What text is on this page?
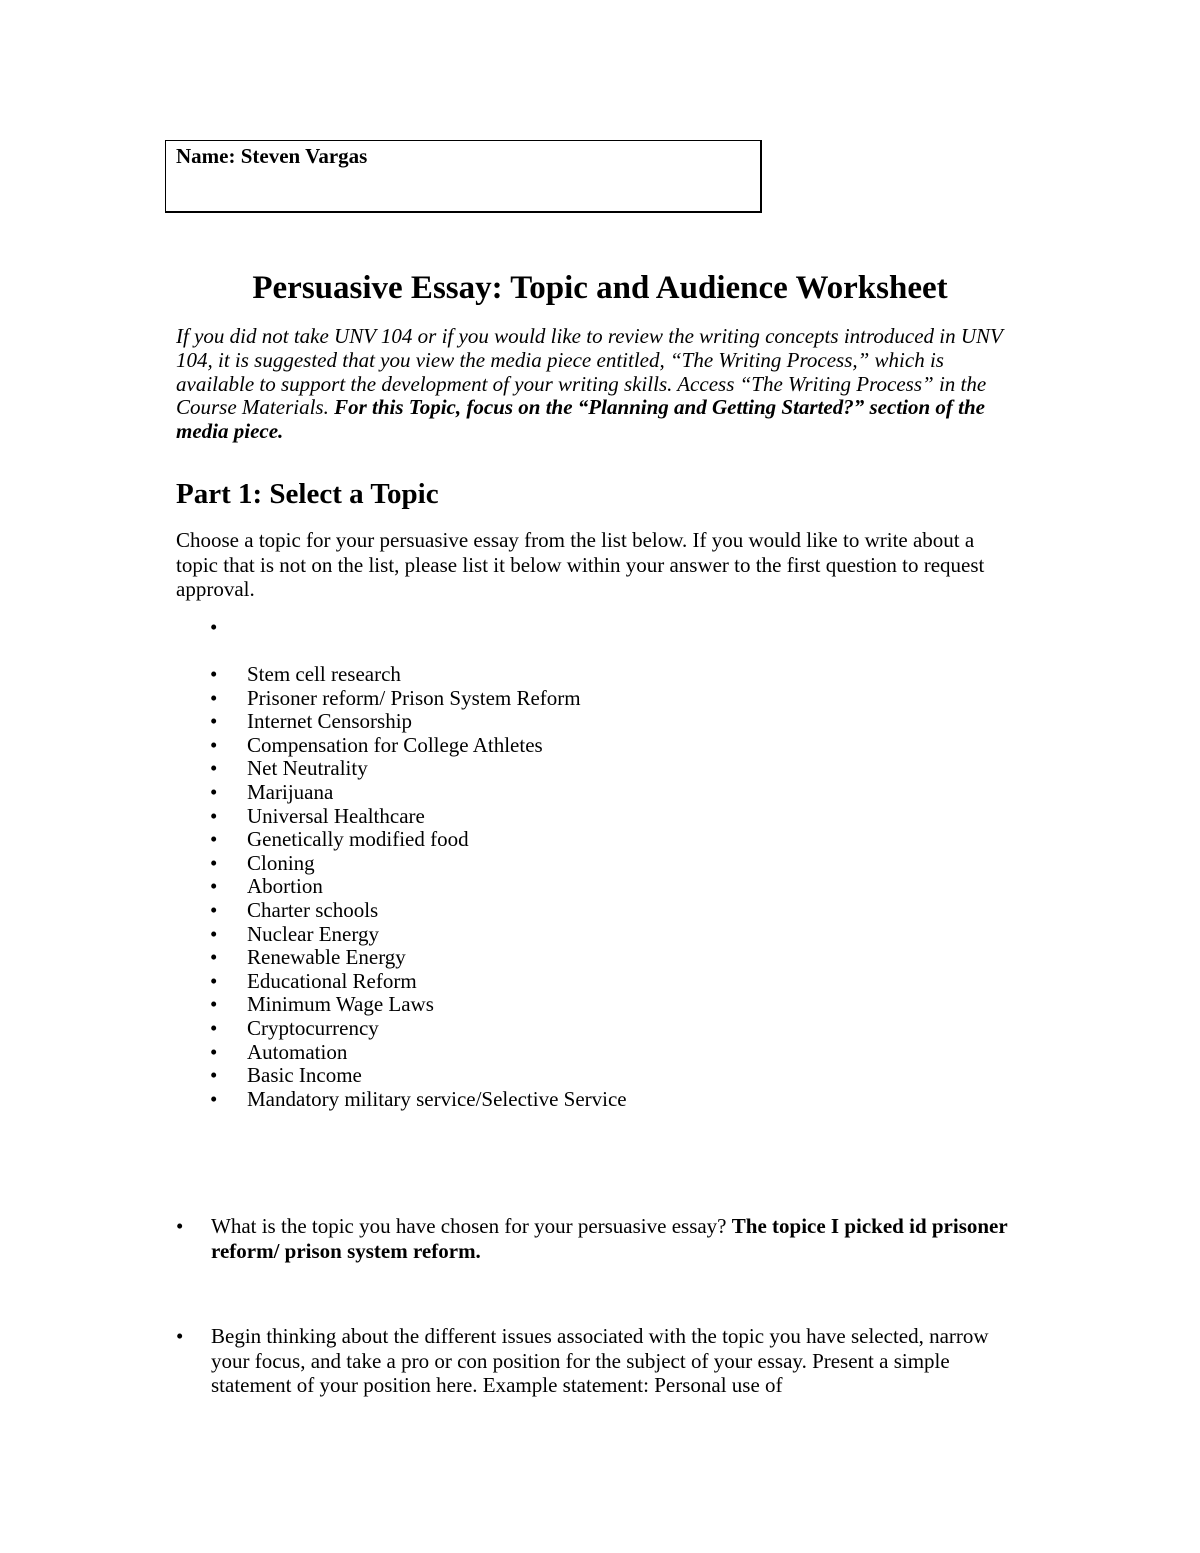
Name: Steven Vargas
Persuasive Essay: Topic and Audience Worksheet
If you did not take UNV 104 or if you would like to review the writing concepts introduced in UNV 104, it is suggested that you view the media piece entitled, “The Writing Process,” which is available to support the development of your writing skills. Access “The Writing Process” in the Course Materials. For this Topic, focus on the “Planning and Getting Started?” section of the media piece.
Part 1: Select a Topic
Choose a topic for your persuasive essay from the list below. If you would like to write about a topic that is not on the list, please list it below within your answer to the first question to request approval.
•
• Stem cell research
• Prisoner reform/ Prison System Reform
• Internet Censorship
• Compensation for College Athletes
• Net Neutrality
• Marijuana
• Universal Healthcare
• Genetically modified food
• Cloning
• Abortion
• Charter schools
• Nuclear Energy
• Renewable Energy
• Educational Reform
• Minimum Wage Laws
• Cryptocurrency
• Automation
• Basic Income
• Mandatory military service/Selective Service
• What is the topic you have chosen for your persuasive essay? The topice I picked id prisoner reform/ prison system reform.
• Begin thinking about the different issues associated with the topic you have selected, narrow your focus, and take a pro or con position for the subject of your essay. Present a simple statement of your position here. Example statement: Personal use of
